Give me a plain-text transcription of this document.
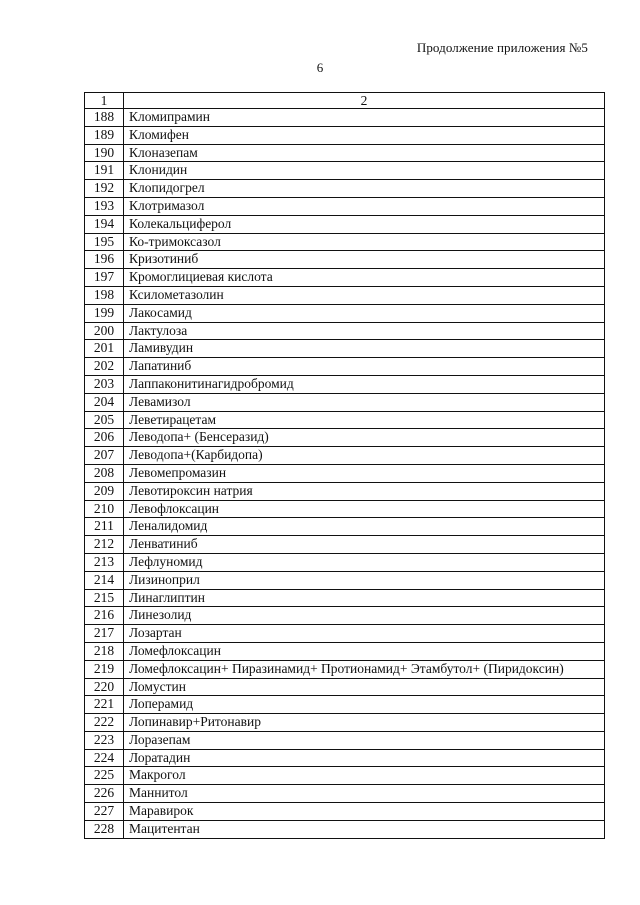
Продолжение приложения №5
6
1	2
188	Кломипрамин
189	Кломифен
190	Клоназепам
191	Клонидин
192	Клопидогрел
193	Клотримазол
194	Колекальциферол
195	Ко-тримоксазол
196	Кризотиниб
197	Кромоглициевая кислота
198	Ксилометазолин
199	Лакосамид
200	Лактулоза
201	Ламивудин
202	Лапатиниб
203	Лаппаконитинагидробромид
204	Левамизол
205	Леветирацетам
206	Леводопа+ (Бенсеразид)
207	Леводопа+(Карбидопа)
208	Левомепромазин
209	Левотироксин натрия
210	Левофлоксацин
211	Леналидомид
212	Ленватиниб
213	Лефлуномид
214	Лизиноприл
215	Линаглиптин
216	Линезолид
217	Лозартан
218	Ломефлоксацин
219	Ломефлоксацин+ Пиразинамид+ Протионамид+ Этамбутол+ (Пиридоксин)
220	Ломустин
221	Лоперамид
222	Лопинавир+Ритонавир
223	Лоразепам
224	Лоратадин
225	Макрогол
226	Маннитол
227	Маравирок
228	Мацитентан
